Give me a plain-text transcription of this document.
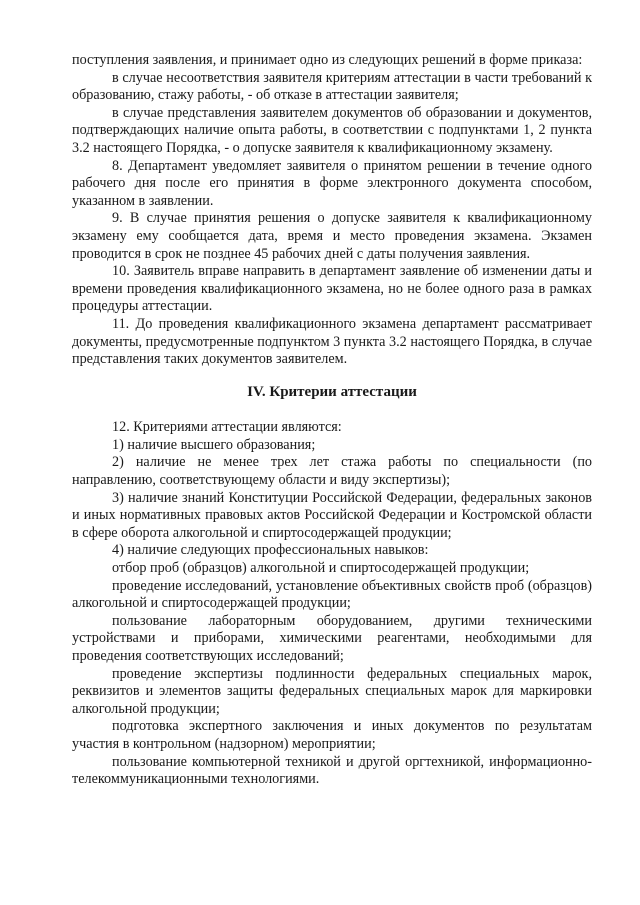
поступления заявления, и принимает одно из следующих решений в форме приказа:

в случае несоответствия заявителя критериям аттестации в части требований к образованию, стажу работы, - об отказе в аттестации заявителя;

в случае представления заявителем документов об образовании и документов, подтверждающих наличие опыта работы, в соответствии с подпунктами 1, 2 пункта 3.2 настоящего Порядка, - о допуске заявителя к квалификационному экзамену.

8. Департамент уведомляет заявителя о принятом решении в течение одного рабочего дня после его принятия в форме электронного документа способом, указанном в заявлении.

9. В случае принятия решения о допуске заявителя к квалификационному экзамену ему сообщается дата, время и место проведения экзамена. Экзамен проводится в срок не позднее 45 рабочих дней с даты получения заявления.

10. Заявитель вправе направить в департамент заявление об изменении даты и времени проведения квалификационного экзамена, но не более одного раза в рамках процедуры аттестации.

11. До проведения квалификационного экзамена департамент рассматривает документы, предусмотренные подпунктом 3 пункта 3.2 настоящего Порядка, в случае представления таких документов заявителем.

IV. Критерии аттестации

12. Критериями аттестации являются:

1) наличие высшего образования;

2) наличие не менее трех лет стажа работы по специальности (по направлению, соответствующему области и виду экспертизы);

3) наличие знаний Конституции Российской Федерации, федеральных законов и иных нормативных правовых актов Российской Федерации и Костромской области в сфере оборота алкогольной и спиртосодержащей продукции;

4) наличие следующих профессиональных навыков:

отбор проб (образцов) алкогольной и спиртосодержащей продукции;

проведение исследований, установление объективных свойств проб (образцов) алкогольной и спиртосодержащей продукции;

пользование лабораторным оборудованием, другими техническими устройствами и приборами, химическими реагентами, необходимыми для проведения соответствующих исследований;

проведение экспертизы подлинности федеральных специальных марок, реквизитов и элементов защиты федеральных специальных марок для маркировки алкогольной продукции;

подготовка экспертного заключения и иных документов по результатам участия в контрольном (надзорном) мероприятии;

пользование компьютерной техникой и другой оргтехникой, информационно-телекоммуникационными технологиями.
